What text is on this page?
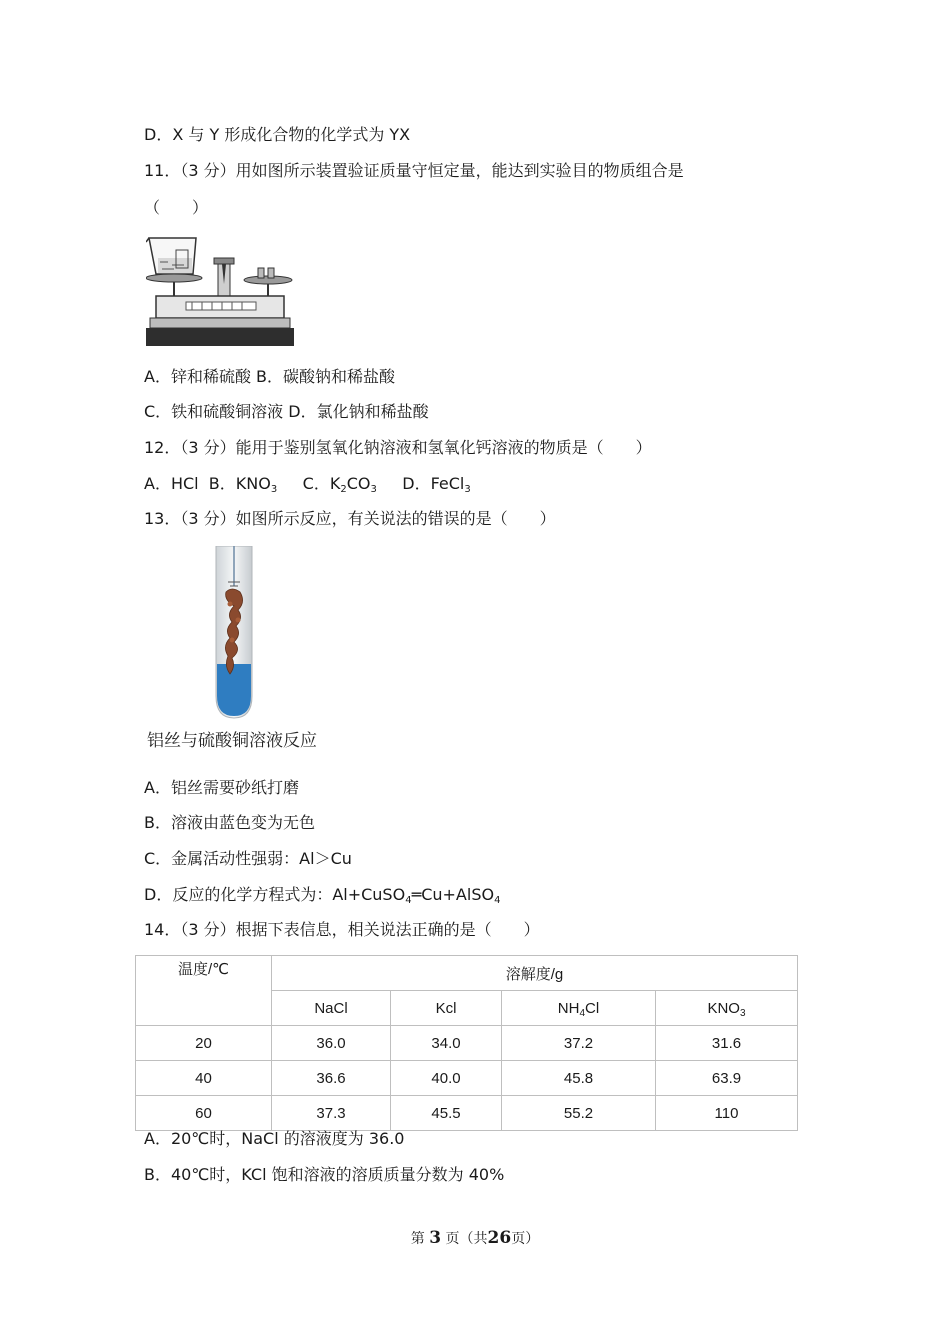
D．X 与 Y 形成化合物的化学式为 YX
11．（3 分）用如图所示装置验证质量守恒定量，能达到实验目的物质组合是
（　　）
A．锌和稀硫酸 B．碳酸钠和稀盐酸
C．铁和硫酸铜溶液 D．氯化钠和稀盐酸
12．（3 分）能用于鉴别氢氧化钠溶液和氢氧化钙溶液的物质是（　　）
A．HCl B．$KNO_3$ C．$K_2CO_3$ D．FeCl$_3$
13．（3 分）如图所示反应，有关说法的错误的是（　　）
铝丝与硫酸铜溶液反应
A．铝丝需要砂纸打磨
B．溶液由蓝色变为无色
C．金属活动性强弱：Al＞Cu
D．反应的化学方程式为：Al+CuSO$_4$═Cu+AlSO$_4$
14．（3 分）根据下表信息，相关说法正确的是（　　）
温度/℃	溶解度/g			
	NaCl	Kcl	$NH_4Cl$	$KNO_3$
20	36.0	34.0	37.2	31.6
40	36.6	40.0	45.8	63.9
60	37.3	45.5	55.2	110
A．20℃时，NaCl 的溶液度为 36.0
B．40℃时，KCl 饱和溶液的溶质质量分数为 40%
第 3 页（共26页）
